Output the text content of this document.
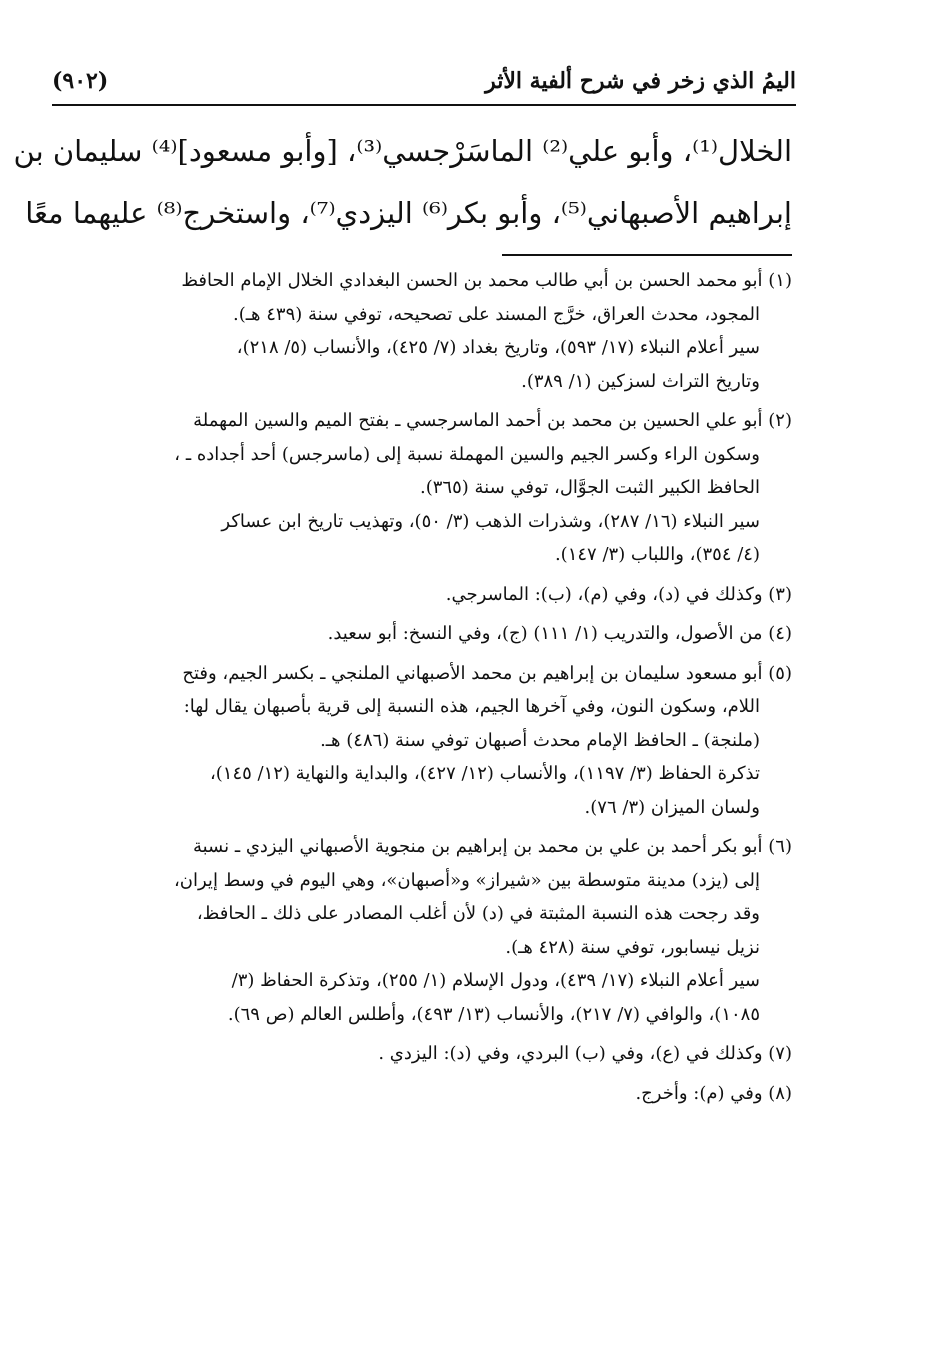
اليمُ الذي زخر في شرح ألفية الأثر
(٩٠٢)
الخلال⁽¹⁾، وأبو علي⁽²⁾ الماسَرْجسي⁽³⁾، [وأبو مسعود]⁽⁴⁾ سليمان بن
إبراهيم الأصبهاني⁽⁵⁾، وأبو بكر⁽⁶⁾ اليزدي⁽⁷⁾، واستخرج⁽⁸⁾ عليهما معًا
(١) أبو محمد الحسن بن أبي طالب محمد بن الحسن البغدادي الخلال الإمام الحافظ
المجود، محدث العراق، خرَّج المسند على تصحيحه، توفي سنة (٤٣٩ هـ).
سير أعلام النبلاء (١٧/ ٥٩٣)، وتاريخ بغداد (٧/ ٤٢٥)، والأنساب (٥/ ٢١٨)،
وتاريخ التراث لسزكين (١/ ٣٨٩).
(٢) أبو علي الحسين بن محمد بن أحمد الماسرجسي ـ بفتح الميم والسين المهملة
وسكون الراء وكسر الجيم والسين المهملة نسبة إلى (ماسرجس) أحد أجداده ـ ،
الحافظ الكبير الثبت الجوَّال، توفي سنة (٣٦٥).
سير النبلاء (١٦/ ٢٨٧)، وشذرات الذهب (٣/ ٥٠)، وتهذيب تاريخ ابن عساكر
(٤/ ٣٥٤)، واللباب (٣/ ١٤٧).
(٣) وكذلك في (د)، وفي (م)، (ب): الماسرجي.
(٤) من الأصول، والتدريب (١/ ١١١) (ج)، وفي النسخ: أبو سعيد.
(٥) أبو مسعود سليمان بن إبراهيم بن محمد الأصبهاني الملنجي ـ بكسر الجيم، وفتح
اللام، وسكون النون، وفي آخرها الجيم، هذه النسبة إلى قرية بأصبهان يقال لها:
(ملنجة) ـ الحافظ الإمام محدث أصبهان توفي سنة (٤٨٦) هـ.
تذكرة الحفاظ (٣/ ١١٩٧)، والأنساب (١٢/ ٤٢٧)، والبداية والنهاية (١٢/ ١٤٥)،
ولسان الميزان (٣/ ٧٦).
(٦) أبو بكر أحمد بن علي بن محمد بن إبراهيم بن منجوية الأصبهاني اليزدي ـ نسبة
إلى (يزد) مدينة متوسطة بين «شيراز» و«أصبهان»، وهي اليوم في وسط إيران،
وقد رجحت هذه النسبة المثبتة في (د) لأن أغلب المصادر على ذلك ـ الحافظ،
نزيل نيسابور، توفي سنة (٤٢٨ هـ).
سير أعلام النبلاء (١٧/ ٤٣٩)، ودول الإسلام (١/ ٢٥٥)، وتذكرة الحفاظ (٣/
١٠٨٥)، والوافي (٧/ ٢١٧)، والأنساب (١٣/ ٤٩٣)، وأطلس العالم (ص ٦٩).
(٧) وكذلك في (ع)، وفي (ب) البردي، وفي (د): اليزدي .
(٨) وفي (م): وأخرج.
